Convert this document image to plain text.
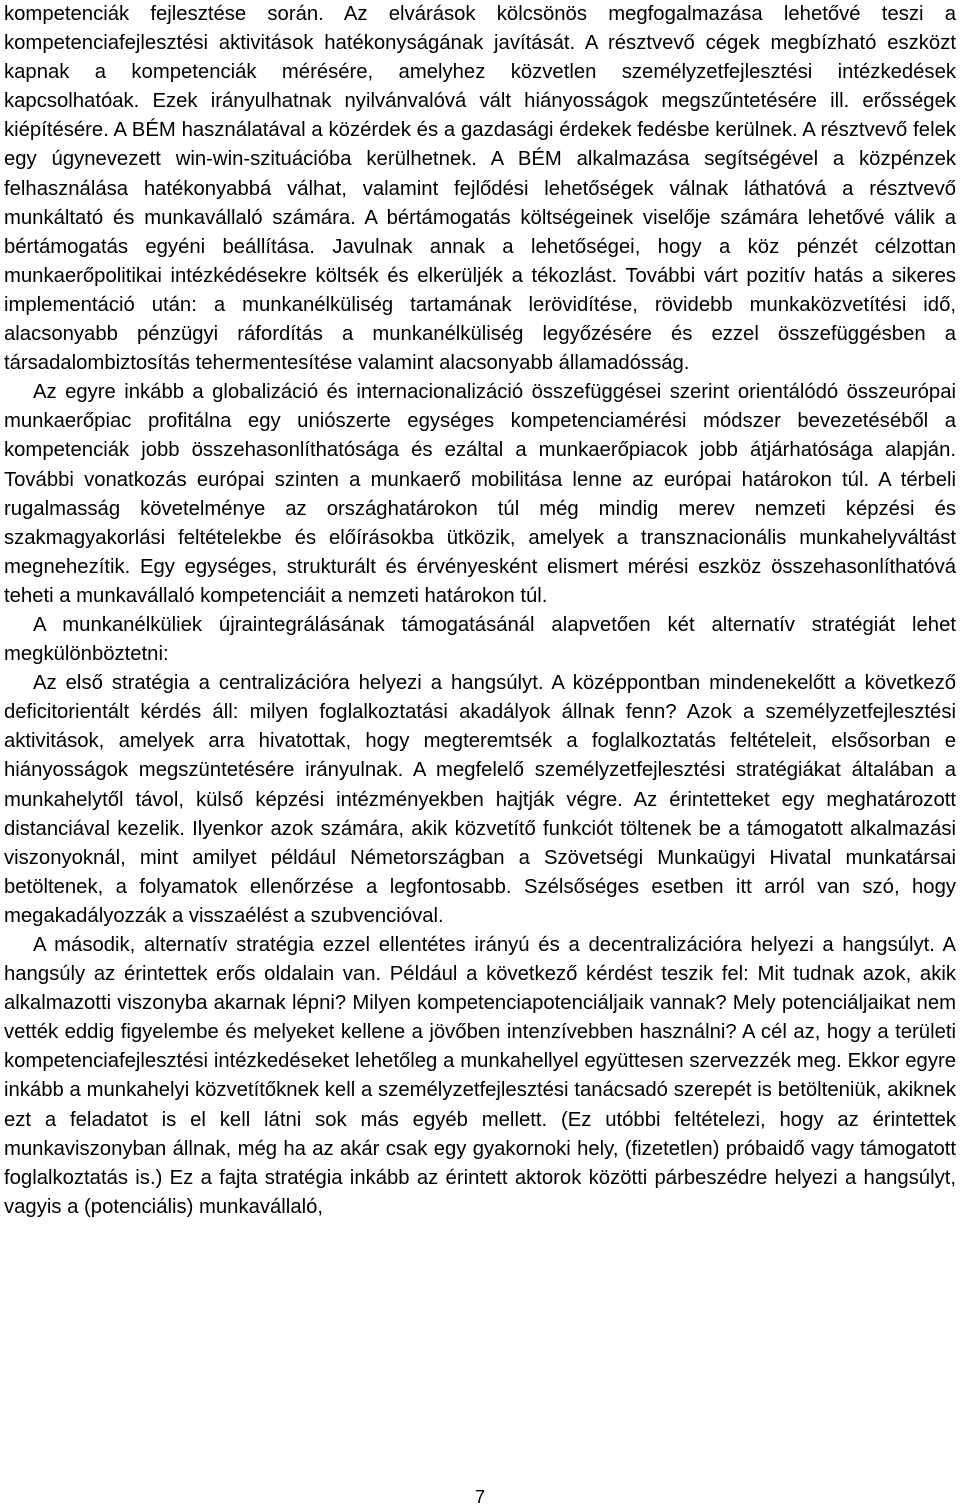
kompetenciák fejlesztése során. Az elvárások kölcsönös megfogalmazása lehetővé teszi a kompetenciafejlesztési aktivitások hatékonyságának javítását. A résztvevő cégek megbízható eszközt kapnak a kompetenciák mérésére, amelyhez közvetlen személyzetfejlesztési intézkedések kapcsolhatóak. Ezek irányulhatnak nyilvánvalóvá vált hiányosságok megszűntetésére ill. erősségek kiépítésére. A BÉM használatával a közérdek és a gazdasági érdekek fedésbe kerülnek. A résztvevő felek egy úgynevezett win-win-szituációba kerülhetnek. A BÉM alkalmazása segítségével a közpénzek felhasználása hatékonyabbá válhat, valamint fejlődési lehetőségek válnak láthatóvá a résztvevő munkáltató és munkavállaló számára. A bértámogatás költségeinek viselője számára lehetővé válik a bértámogatás egyéni beállítása. Javulnak annak a lehetőségei, hogy a köz pénzét célzottan munkaerőpolitikai intézkédésekre költsék és elkerüljék a tékozlást. További várt pozitív hatás a sikeres implementáció után: a munkanélküliség tartamának lerövidítése, rövidebb munkaközvetítési idő, alacsonyabb pénzügyi ráfordítás a munkanélküliség legyőzésére és ezzel összefüggésben a társadalombiztosítás tehermentesítése valamint alacsonyabb államadósság.

Az egyre inkább a globalizáció és internacionalizáció összefüggései szerint orientálódó összeurópai munkaerőpiac profitálna egy uniószerte egységes kompetenciamérési módszer bevezetéséből a kompetenciák jobb összehasonlíthatósága és ezáltal a munkaerőpiacok jobb átjárhatósága alapján. További vonatkozás európai szinten a munkaerő mobilitása lenne az európai határokon túl. A térbeli rugalmasság követelménye az országhatárokon túl még mindig merev nemzeti képzési és szakmagyakorlási feltételekbe és előírásokba ütközik, amelyek a transznacionális munkahelyváltást megnehezítik. Egy egységes, strukturált és érvényesként elismert mérési eszköz összehasonlíthatóvá teheti a munkavállaló kompetenciáit a nemzeti határokon túl.

A munkanélküliek újraintegrálásának támogatásánál alapvetően két alternatív stratégiát lehet megkülönböztetni:

Az első stratégia a centralizációra helyezi a hangsúlyt. A középpontban mindenekelőtt a következő deficitorientált kérdés áll: milyen foglalkoztatási akadályok állnak fenn? Azok a személyzetfejlesztési aktivitások, amelyek arra hivatottak, hogy megteremtsék a foglalkoztatás feltételeit, elsősorban e hiányosságok megszüntetésére irányulnak. A megfelelő személyzetfejlesztési stratégiákat általában a munkahelytől távol, külső képzési intézményekben hajtják végre. Az érintetteket egy meghatározott distanciával kezelik. Ilyenkor azok számára, akik közvetítő funkciót töltenek be a támogatott alkalmazási viszonyoknál, mint amilyet például Németországban a Szövetségi Munkaügyi Hivatal munkatársai betöltenek, a folyamatok ellenőrzése a legfontosabb. Szélsőséges esetben itt arról van szó, hogy megakadályozzák a visszaélést a szubvencióval.

A második, alternatív stratégia ezzel ellentétes irányú és a decentralizációra helyezi a hangsúlyt. A hangsúly az érintettek erős oldalain van. Például a következő kérdést teszik fel: Mit tudnak azok, akik alkalmazotti viszonyba akarnak lépni? Milyen kompetenciapotenciáljaik vannak? Mely potenciáljaikat nem vették eddig figyelembe és melyeket kellene a jövőben intenzívebben használni? A cél az, hogy a területi kompetenciafejlesztési intézkedéseket lehetőleg a munkahellyel együttesen szervezzék meg. Ekkor egyre inkább a munkahelyi közvetítőknek kell a személyzetfejlesztési tanácsadó szerepét is betölteniük, akiknek ezt a feladatot is el kell látni sok más egyéb mellett. (Ez utóbbi feltételezi, hogy az érintettek munkaviszonyban állnak, még ha az akár csak egy gyakornoki hely, (fizetetlen) próbaidő vagy támogatott foglalkoztatás is.) Ez a fajta stratégia inkább az érintett aktorok közötti párbeszédre helyezi a hangsúlyt, vagyis a (potenciális) munkavállaló,

7
